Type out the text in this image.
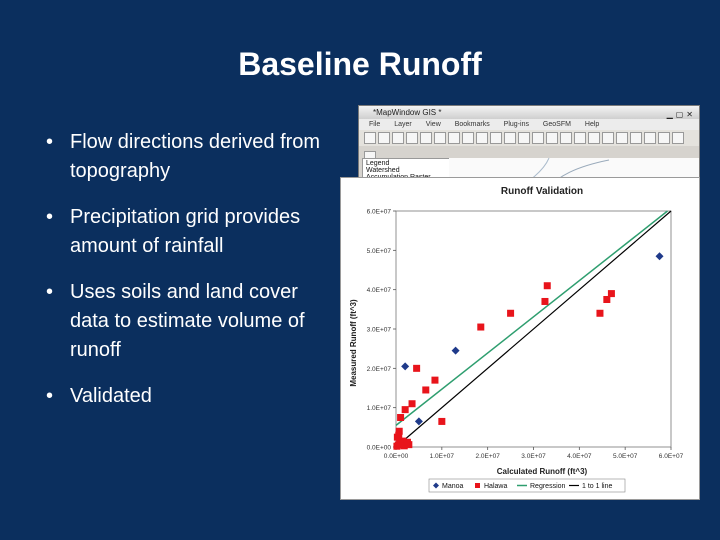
Baseline Runoff
• Flow directions derived from topography
• Precipitation grid provides amount of rainfall
• Uses soils and land cover data to estimate volume of runoff
• Validated
*MapWindow GIS *	▁▢✕
File Layer View Bookmarks Plug-ins GeoSFM Help
Legend
Watershed
Runoff Validation
Measured Runoff (ft^3)
Calculated Runoff (ft^3)
0.0E+00
1.0E+07
2.0E+07
3.0E+07
4.0E+07
5.0E+07
6.0E+07
0.0E+00	1.0E+07	2.0E+07	3.0E+07	4.0E+07	5.0E+07	6.0E+07
Manoa	Halawa	Regression 1 to 1 line
